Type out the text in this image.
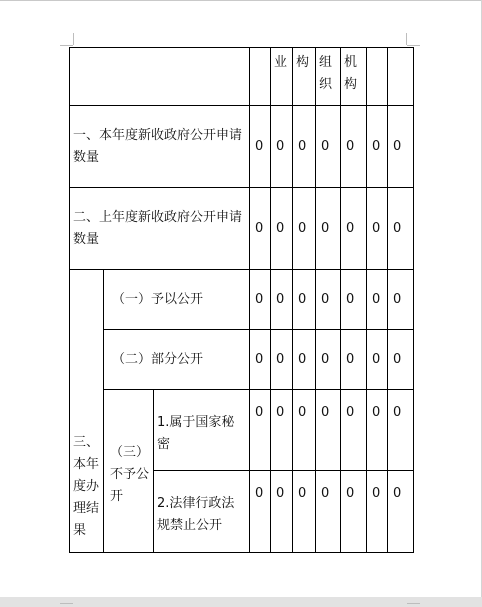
				业	构	组织	机构		
一、本年度新收政府公开申请数量			0	0	0	0	0	0	0
二、上年度新收政府公开申请数量			0	0	0	0	0	0	0
三、本年度办理结果	（一）予以公开		0	0	0	0	0	0	0
	（二）部分公开		0	0	0	0	0	0	0
	（三）不予公开	1.属于国家秘密	0	0	0	0	0	0	0
		2.法律行政法规禁止公开	0	0	0	0	0	0	0
